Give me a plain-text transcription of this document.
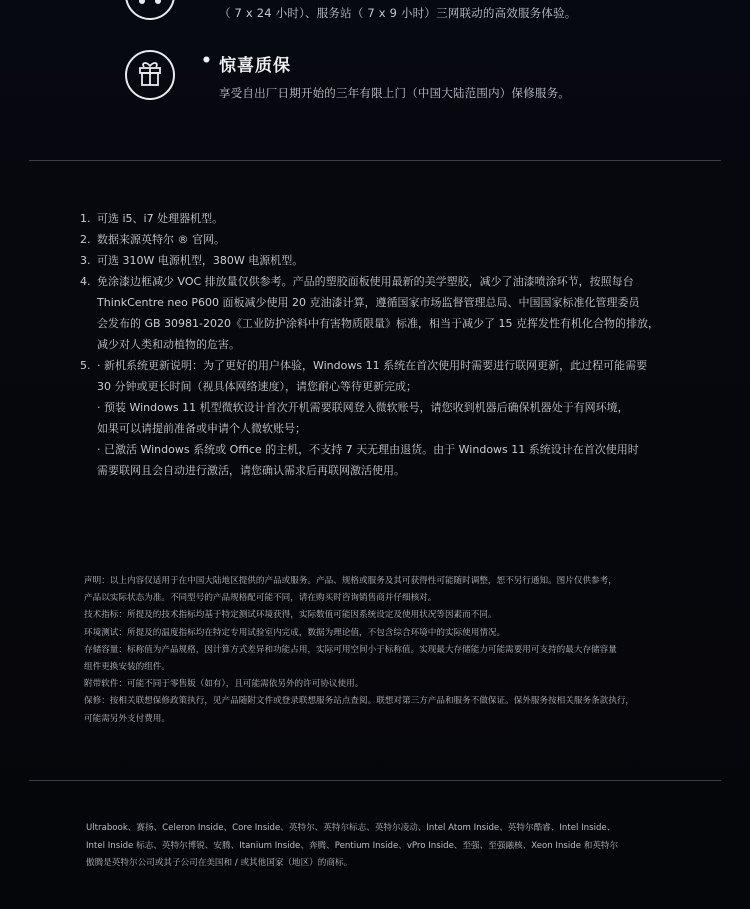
（ 7 x 24 小时）、服务站（ 7 x 9 小时）三网联动的高效服务体验。
• 惊喜质保
享受自出厂日期开始的三年有限上门（中国大陆范围内）保修服务。
1. 可选 i5、i7 处理器机型。
2. 数据来源英特尔 ® 官网。
3. 可选 310W 电源机型，380W 电源机型。
4. 免涂漆边框减少 VOC 排放量仅供参考。产品的塑胶面板使用最新的美学塑胶，减少了油漆喷涂环节，按照每台
ThinkCentre neo P600 面板减少使用 20 克油漆计算，遵循国家市场监督管理总局、中国国家标准化管理委员
会发布的 GB 30981-2020《工业防护涂料中有害物质限量》标准，相当于减少了 15 克挥发性有机化合物的排放，
减少对人类和动植物的危害。
5. · 新机系统更新说明：为了更好的用户体验，Windows 11 系统在首次使用时需要进行联网更新，此过程可能需要
30 分钟或更长时间（视具体网络速度），请您耐心等待更新完成；
· 预装 Windows 11 机型微软设计首次开机需要联网登入微软账号，请您收到机器后确保机器处于有网环境，
如果可以请提前准备或申请个人微软账号；
· 已激活 Windows 系统或 Office 的主机，不支持 7 天无理由退货。由于 Windows 11 系统设计在首次使用时
需要联网且会自动进行激活，请您确认需求后再联网激活使用。
声明：以上内容仅适用于在中国大陆地区提供的产品或服务。产品、规格或服务及其可获得性可能随时调整，恕不另行通知。图片仅供参考，
产品以实际状态为准。不同型号的产品规格配可能不同，请在购买时咨询销售商并仔细核对。
技术指标：所提及的技术指标均基于特定测试环境获得，实际数值可能因系统设定及使用状况等因素而不同。
环境测试：所提及的温度指标均在特定专用试验室内完成，数据为理论值，不包含综合环境中的实际使用情况。
存储容量：标称值为产品规格，因计算方式差异和功能占用，实际可用空间小于标称值。实现最大存储能力可能需要用可支持的最大存储容量
组件更换安装的组件。
附带软件：可能不同于零售版（如有），且可能需依另外的许可协议使用。
保修：按相关联想保修政策执行，见产品随附文件或登录联想服务站点查阅。联想对第三方产品和服务不做保证。保外服务按相关服务条款执行，
可能需另外支付费用。
Ultrabook、赛扬、Celeron Inside、Core Inside、英特尔、英特尔标志、英特尔凌动、Intel Atom Inside、英特尔酷睿、Intel Inside、
Intel Inside 标志、英特尔博锐、安腾、Itanium Inside、奔腾、Pentium Inside、vPro Inside、至强、至强融核、Xeon Inside 和英特尔
傲腾是英特尔公司或其子公司在美国和 / 或其他国家（地区）的商标。
